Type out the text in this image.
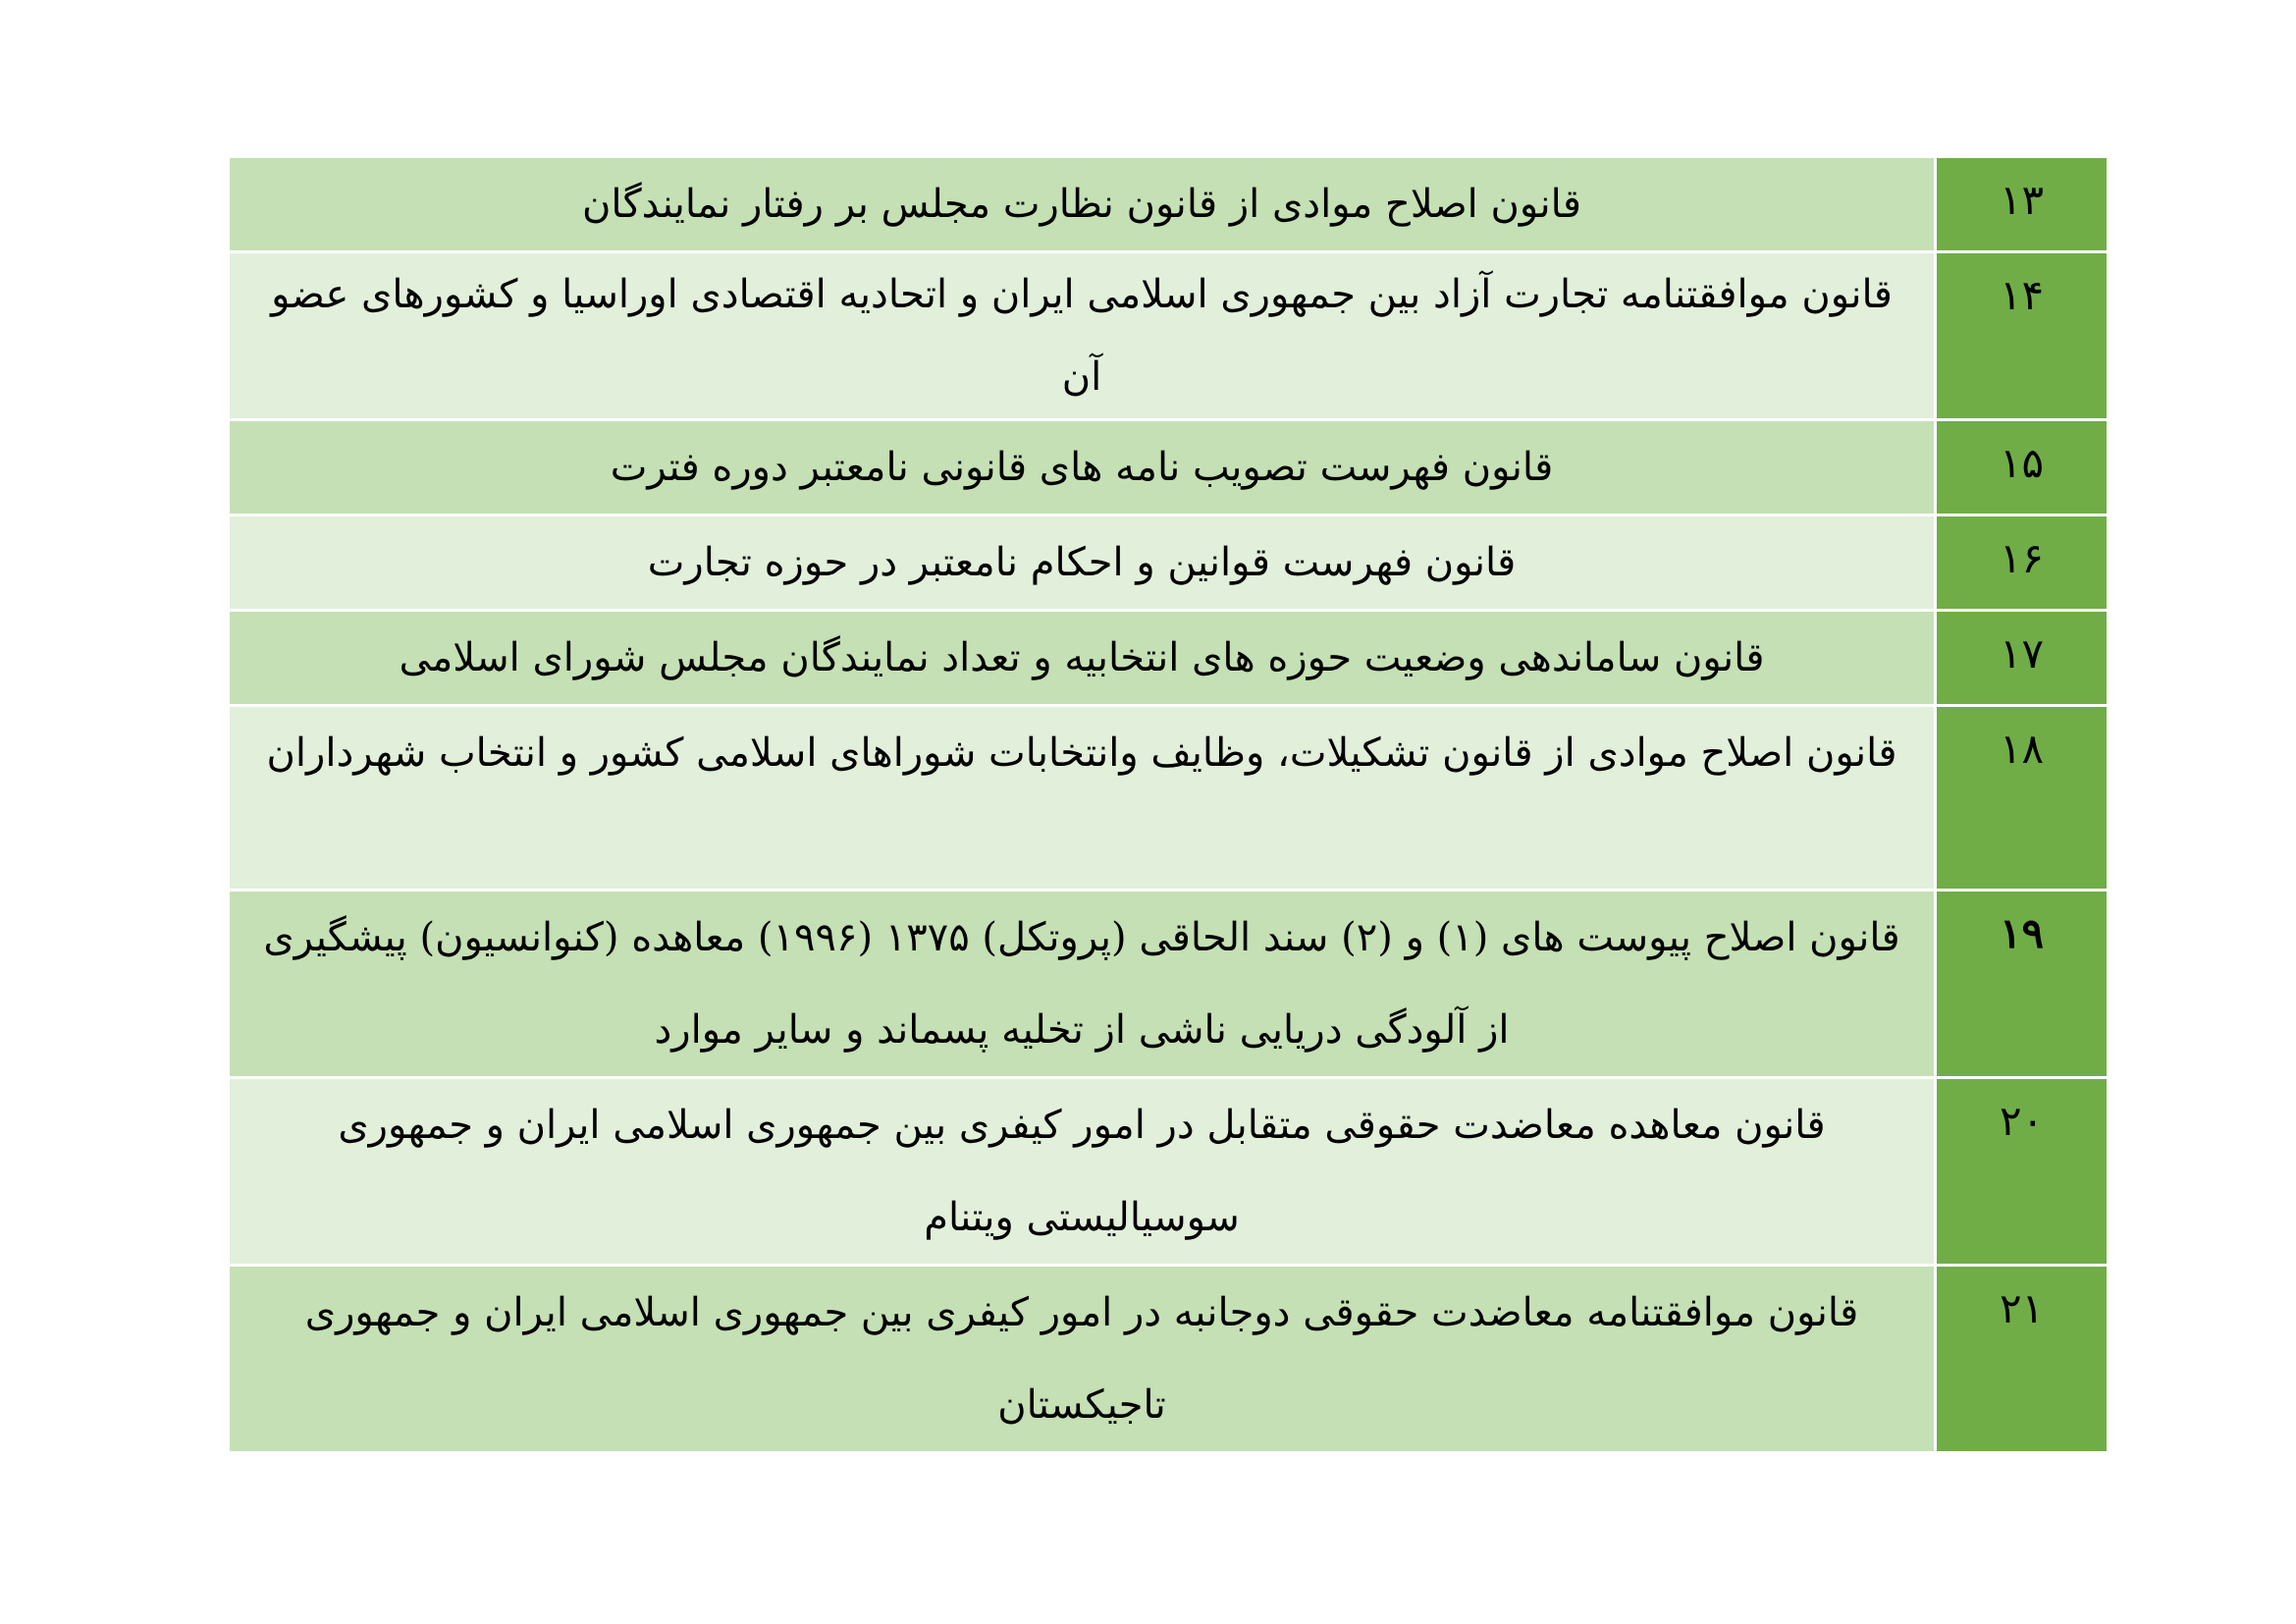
۱۳	قانون اصلاح موادی از قانون نظارت مجلس بر رفتار نمایندگان
۱۴	قانون موافقتنامه تجارت آزاد بین جمهوری اسلامی ایران و اتحادیه اقتصادی اوراسیا و کشورهای عضو آن
۱۵	قانون فهرست تصویب نامه های قانونی نامعتبر دوره فترت
۱۶	قانون فهرست قوانین و احکام نامعتبر در حوزه تجارت
۱۷	قانون ساماندهی وضعیت حوزه های انتخابیه و تعداد نمایندگان مجلس شورای اسلامی
۱۸	قانون اصلاح موادی از قانون تشکیلات، وظایف وانتخابات شوراهای اسلامی کشور و انتخاب شهرداران
۱۹	قانون اصلاح پیوست های (۱) و (۲) سند الحاقی (پروتکل) ۱۳۷۵ (۱۹۹۶) معاهده (کنوانسیون) پیشگیری از آلودگی دریایی ناشی از تخلیه پسماند و سایر موارد
۲۰	قانون معاهده معاضدت حقوقی متقابل در امور کیفری بین جمهوری اسلامی ایران و جمهوری سوسیالیستی ویتنام
۲۱	قانون موافقتنامه معاضدت حقوقی دوجانبه در امور کیفری بین جمهوری اسلامی ایران و جمهوری تاجیکستان
